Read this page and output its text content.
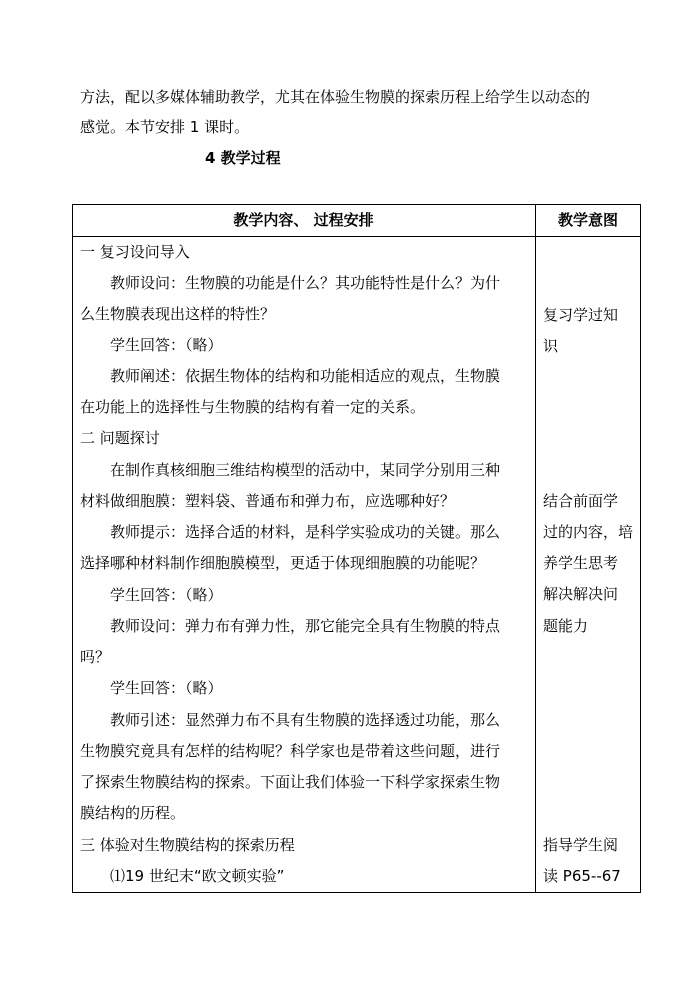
方法，配以多媒体辅助教学，尤其在体验生物膜的探索历程上给学生以动态的
感觉。本节安排 1 课时。
4 教学过程
教学内容、 过程安排	教学意图
一 复习设问导入
教师设问：生物膜的功能是什么？其功能特性是什么？为什
么生物膜表现出这样的特性？
学生回答：（略）
教师阐述：依据生物体的结构和功能相适应的观点，生物膜
在功能上的选择性与生物膜的结构有着一定的关系。
二 问题探讨
在制作真核细胞三维结构模型的活动中，某同学分别用三种
材料做细胞膜：塑料袋、普通布和弹力布，应选哪种好？
教师提示：选择合适的材料，是科学实验成功的关键。那么
选择哪种材料制作细胞膜模型，更适于体现细胞膜的功能呢？
学生回答：（略）
教师设问：弹力布有弹力性，那它能完全具有生物膜的特点
吗？
学生回答：（略）
教师引述：显然弹力布不具有生物膜的选择透过功能，那么
生物膜究竟具有怎样的结构呢？科学家也是带着这些问题，进行
了探索生物膜结构的探索。下面让我们体验一下科学家探索生物
膜结构的历程。
三 体验对生物膜结构的探索历程
⑴19 世纪末“欧文顿实验”
复习学过知
识
结合前面学
过的内容，培
养学生思考
解决解决问
题能力
指导学生阅
读 P65--67
